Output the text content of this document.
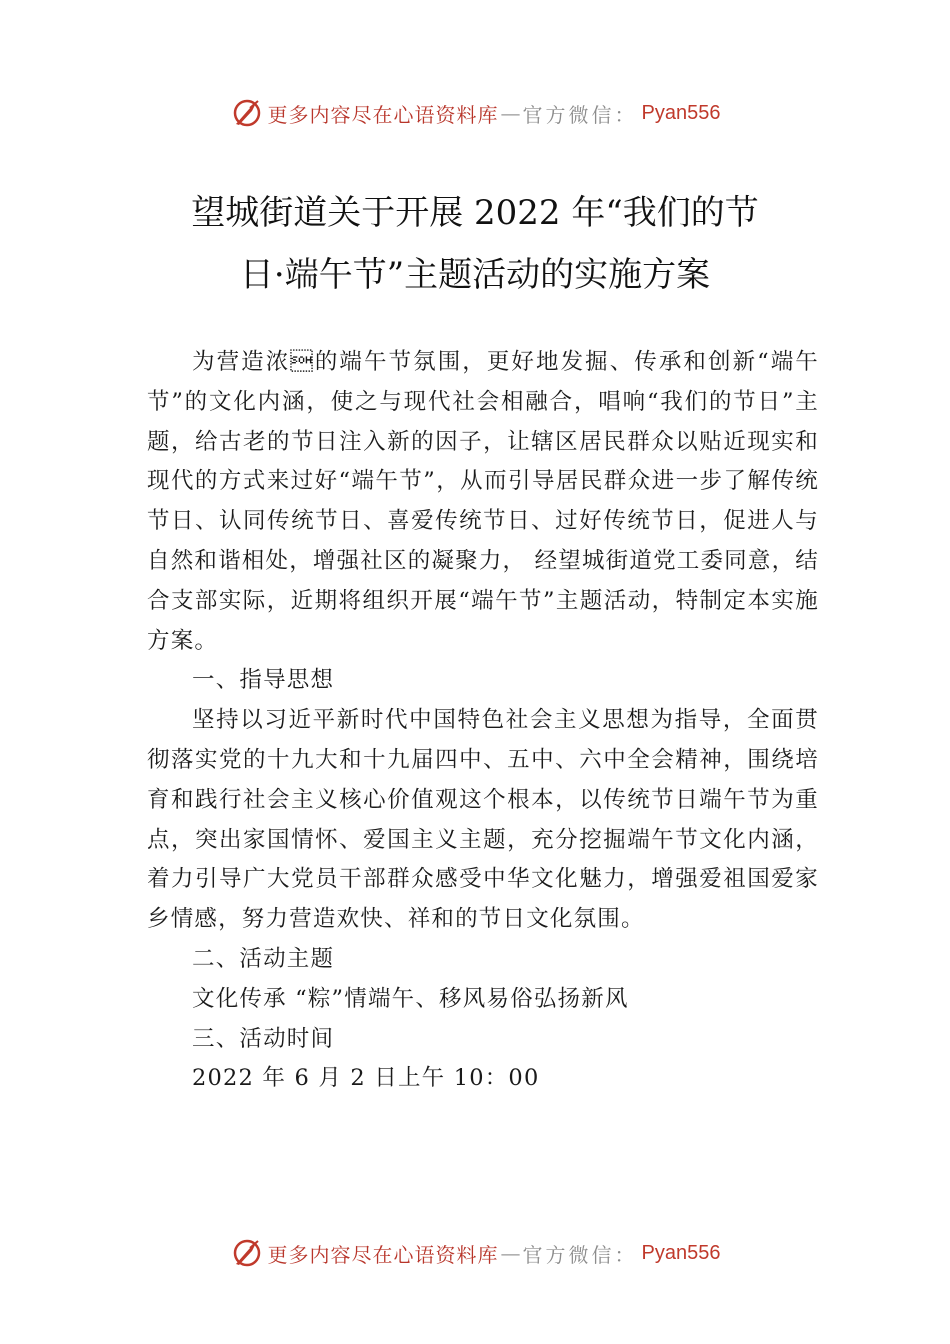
更多内容尽在心语资料库 — 官方微信： Pyan556
望城街道关于开展 2022 年“我们的节
日·端午节”主题活动的实施方案

为营造浓的端午节氛围，更好地发掘、传承和创新“端午节”的文化内涵，使之与现代社会相融合，唱响“我们的节日”主题，给古老的节日注入新的因子，让辖区居民群众以贴近现实和现代的方式来过好“端午节”，从而引导居民群众进一步了解传统节日、认同传统节日、喜爱传统节日、过好传统节日，促进人与自然和谐相处，增强社区的凝聚力， 经望城街道党工委同意，结合支部实际，近期将组织开展“端午节”主题活动，特制定本实施方案。

一、指导思想

坚持以习近平新时代中国特色社会主义思想为指导，全面贯彻落实党的十九大和十九届四中、五中、六中全会精神，围绕培育和践行社会主义核心价值观这个根本，以传统节日端午节为重点，突出家国情怀、爱国主义主题，充分挖掘端午节文化内涵，着力引导广大党员干部群众感受中华文化魅力，增强爱祖国爱家乡情感，努力营造欢快、祥和的节日文化氛围。

二、活动主题

文化传承 “粽”情端午、移风易俗弘扬新风

三、活动时间

2022 年 6 月 2 日上午 10：00

更多内容尽在心语资料库 — 官方微信： Pyan556
